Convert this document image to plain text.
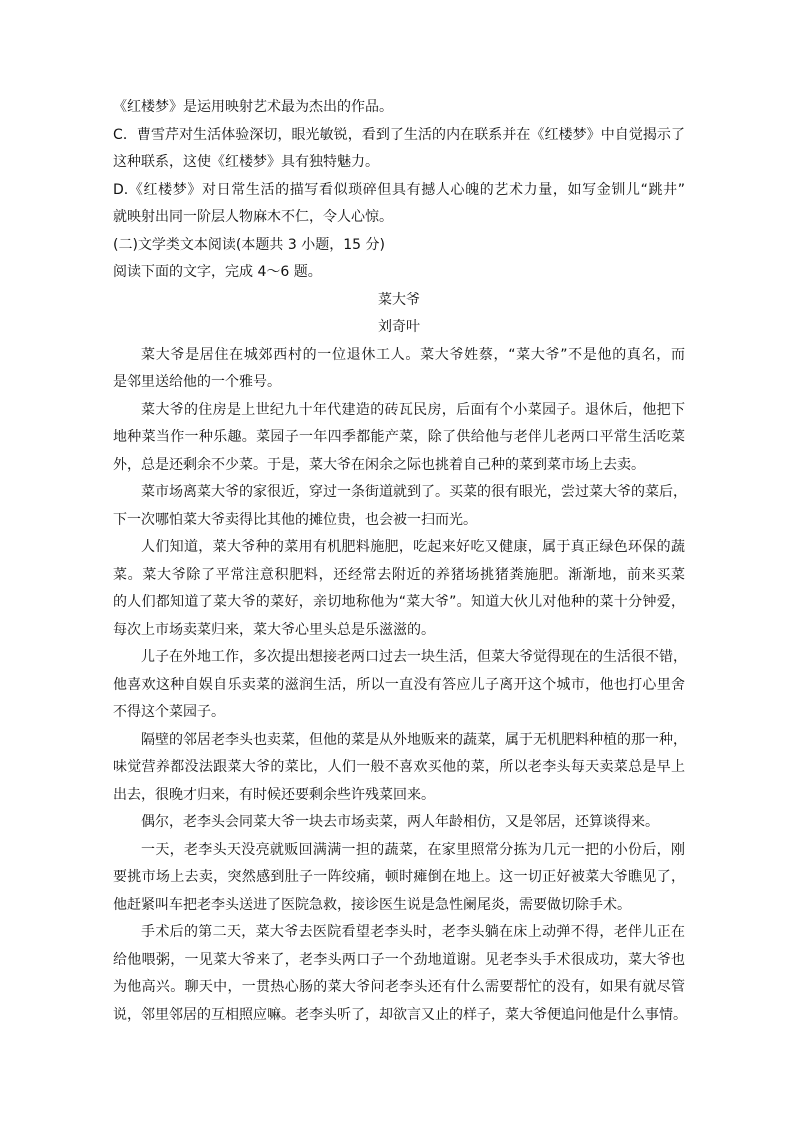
《红楼梦》是运用映射艺术最为杰出的作品。
C．曹雪芹对生活体验深切，眼光敏锐，看到了生活的内在联系并在《红楼梦》中自觉揭示了
这种联系，这使《红楼梦》具有独特魅力。
D.《红楼梦》对日常生活的描写看似琐碎但具有撼人心魄的艺术力量，如写金钏儿“跳井”
就映射出同一阶层人物麻木不仁，令人心惊。
(二)文学类文本阅读(本题共 3 小题，15 分)
阅读下面的文字，完成 4～6 题。
菜大爷
刘奇叶
菜大爷是居住在城郊西村的一位退休工人。菜大爷姓蔡，“菜大爷”不是他的真名，而
是邻里送给他的一个雅号。
菜大爷的住房是上世纪九十年代建造的砖瓦民房，后面有个小菜园子。退休后，他把下
地种菜当作一种乐趣。菜园子一年四季都能产菜，除了供给他与老伴儿老两口平常生活吃菜
外，总是还剩余不少菜。于是，菜大爷在闲余之际也挑着自己种的菜到菜市场上去卖。
菜市场离菜大爷的家很近，穿过一条街道就到了。买菜的很有眼光，尝过菜大爷的菜后，
下一次哪怕菜大爷卖得比其他的摊位贵，也会被一扫而光。
人们知道，菜大爷种的菜用有机肥料施肥，吃起来好吃又健康，属于真正绿色环保的蔬
菜。菜大爷除了平常注意积肥料，还经常去附近的养猪场挑猪粪施肥。渐渐地，前来买菜
的人们都知道了菜大爷的菜好，亲切地称他为“菜大爷”。知道大伙儿对他种的菜十分钟爱，
每次上市场卖菜归来，菜大爷心里头总是乐滋滋的。
儿子在外地工作，多次提出想接老两口过去一块生活，但菜大爷觉得现在的生活很不错，
他喜欢这种自娱自乐卖菜的滋润生活，所以一直没有答应儿子离开这个城市，他也打心里舍
不得这个菜园子。
隔壁的邻居老李头也卖菜，但他的菜是从外地贩来的蔬菜，属于无机肥料种植的那一种，
味觉营养都没法跟菜大爷的菜比，人们一般不喜欢买他的菜，所以老李头每天卖菜总是早上
出去，很晚才归来，有时候还要剩余些许残菜回来。
偶尔，老李头会同菜大爷一块去市场卖菜，两人年龄相仿，又是邻居，还算谈得来。
一天，老李头天没亮就贩回满满一担的蔬菜，在家里照常分拣为几元一把的小份后，刚
要挑市场上去卖，突然感到肚子一阵绞痛，顿时瘫倒在地上。这一切正好被菜大爷瞧见了，
他赶紧叫车把老李头送进了医院急救，接诊医生说是急性阑尾炎，需要做切除手术。
手术后的第二天，菜大爷去医院看望老李头时，老李头躺在床上动弹不得，老伴儿正在
给他喂粥，一见菜大爷来了，老李头两口子一个劲地道谢。见老李头手术很成功，菜大爷也
为他高兴。聊天中，一贯热心肠的菜大爷问老李头还有什么需要帮忙的没有，如果有就尽管
说，邻里邻居的互相照应嘛。老李头听了，却欲言又止的样子，菜大爷便追问他是什么事情。
